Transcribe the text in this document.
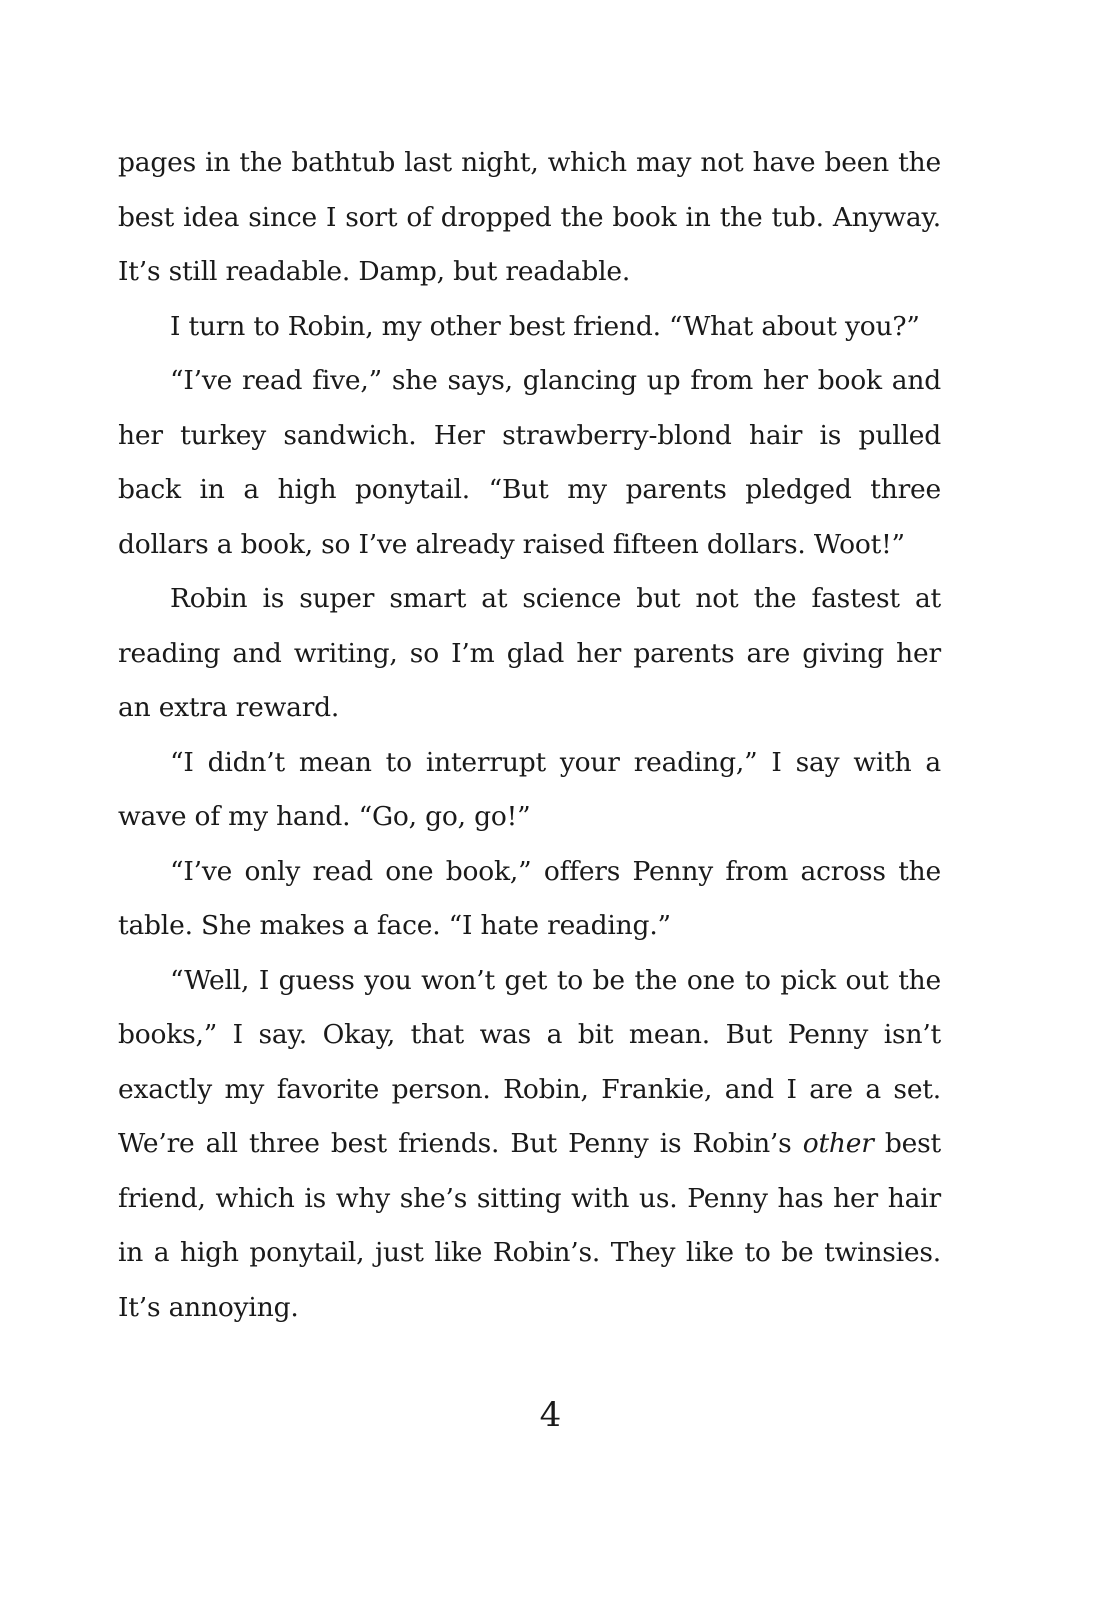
pages in the bathtub last night, which may not have been the best idea since I sort of dropped the book in the tub. Anyway. It’s still readable. Damp, but readable.

I turn to Robin, my other best friend. “What about you?”

“I’ve read five,” she says, glancing up from her book and her turkey sandwich. Her strawberry-blond hair is pulled back in a high ponytail. “But my parents pledged three dollars a book, so I’ve already raised fifteen dollars. Woot!”

Robin is super smart at science but not the fastest at reading and writing, so I’m glad her parents are giving her an extra reward.

“I didn’t mean to interrupt your reading,” I say with a wave of my hand. “Go, go, go!”

“I’ve only read one book,” offers Penny from across the table. She makes a face. “I hate reading.”

“Well, I guess you won’t get to be the one to pick out the books,” I say. Okay, that was a bit mean. But Penny isn’t exactly my favorite person. Robin, Frankie, and I are a set. We’re all three best friends. But Penny is Robin’s other best friend, which is why she’s sitting with us. Penny has her hair in a high ponytail, just like Robin’s. They like to be twinsies. It’s annoying.

4
